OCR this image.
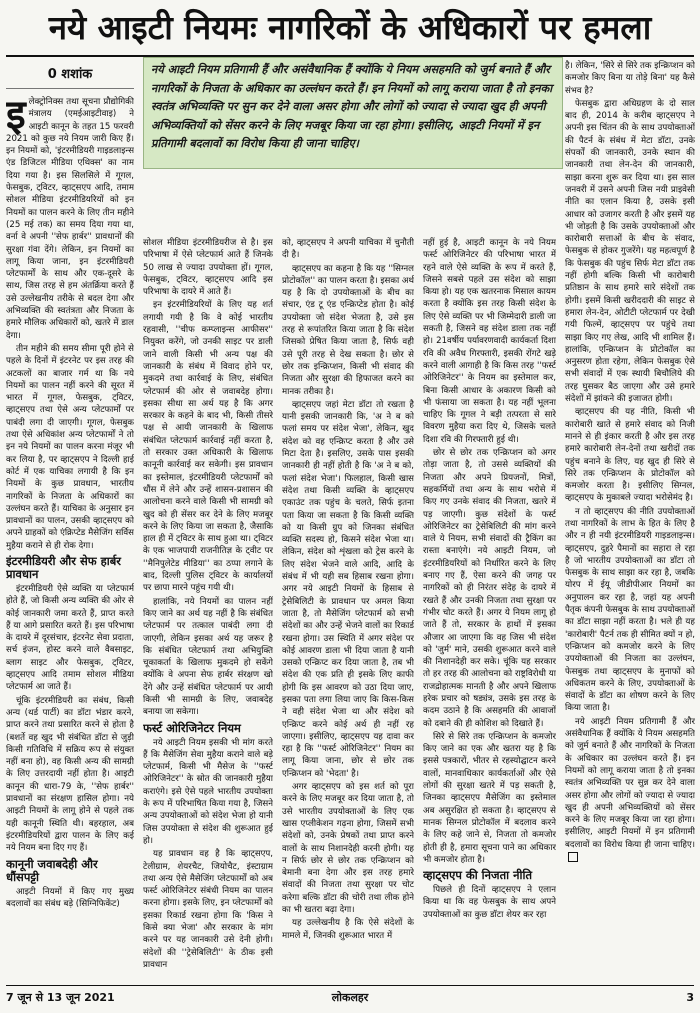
नये आइटी नियमः नागरिकों के अधिकारों पर हमला
0 शशांक	नये आइटी नियम प्रतिगामी हैं और असंवैधानिक हैं क्योंकि ये नियम असहमति को जुर्म बनाते हैं और नागरिकों के निजता के अधिकार का उल्लंघन करते हैं। इन नियमों को लागू कराया जाता है तो इनका स्वतंत्र अभिव्यक्ति पर सुन कर देने वाला असर होगा और लोगों को ज्यादा से ज्यादा खुद ही अपनी अभिव्यक्तियों को सेंसर करने के लिए मजबूर किया जा रहा होगा। इसीलिए, आइटी नियमों में इन प्रतिगामी बदलावों का विरोध किया ही जाना चाहिए।

इलेक्ट्रोनिक्स तथा सूचना प्रौद्योगिकी मंत्रालय (एमईआइटीवाइ) ने आइटी कानून के तहत 15 फरवरी 2021 को कुछ नये नियम जारी किए हैं। इन नियमों को, 'इंटरमीडियरी गाइडलाइन्स एंड डिजिटल मीडिया एथिक्स' का नाम दिया गया है। इस सिलसिले में गूगल, फेसबुक, ट्विटर, व्हाट्सएप आदि, तमाम सोशल मीडिया इंटरमीडियरियों को इन नियमों का पालन करने के लिए तीन महीने (25 मई तक) का समय दिया गया था, वर्ना वे अपनी ''सेफ हार्बर'' प्रावधानों की सुरक्षा गंवा देंगे। लेकिन, इन नियमों का लागू किया जाना, इन इंटरमीडियरी प्लेटफार्मों के साथ और एक-दूसरे के साथ, जिस तरह से हम अंतर्क्रिया करते हैं उसे उल्लेखनीय तरीके से बदल देगा और अभिव्यक्ति की स्वतंत्रता और निजता के हमारे मौलिक अधिकारों को, खतरे में डाल देगा।

तीन महीने की समय सीमा पूरी होने से पहले के दिनों में इंटरनेट पर इस तरह की अटकलों का बाजार गर्म था कि नये नियमों का पालन नहीं करने की सूरत में भारत में गूगल, फेसबुक, ट्विटर, व्हाट्सएप तथा ऐसे अन्य प्लेटफार्मों पर पाबंदी लगा दी जाएगी। गूगल, फेसबुक तथा ऐसे अधिकांश अन्य प्लेटफार्मों ने तो इन नये नियमों का पालन करना मंजूर भी कर लिया है, पर व्हाट्सएप ने दिल्ली हाई कोर्ट में एक याचिका लगायी है कि इन नियमों के कुछ प्रावधान, भारतीय नागरिकों के निजता के अधिकारों का उल्लंघन करते हैं। याचिका के अनुसार इन प्रावधानों का पालन, उसकी व्हाट्सएप को अपने ग्राहकों को एंक्रिप्टेड मैसेजिंग सर्विस मुहैया कराने से ही रोक देगा।

इंटरमीडियरी और सेफ हार्बर प्रावधान

इंटरमीडियरी ऐसे व्यक्ति या प्लेटफार्म होते हैं, जो किसी अन्य व्यक्ति की ओर से कोई जानकारी जमा करते हैं, प्राप्त करते हैं या आगे प्रसारित करते हैं। इस परिभाषा के दायरे में दूरसंचार, इंटरनेट सेवा प्रदाता, सर्च इंजन, होस्ट करने वाले वैबसाइट, ब्लाग साइट और फेसबुक, ट्विटर, व्हाट्सएप आदि तमाम सोशल मीडिया प्लेटफार्म आ जाते हैं।

चूंकि इंटरमीडियरी का संबंध, किसी अन्य (थर्ड पार्टी) का डॉटा भंडार करने, प्राप्त करने तथा प्रसारित करने से होता है (बशर्ते वह खुद भी संबंधित डॉटा से जुड़ी किसी गतिविधि में सक्रिय रूप से संयुक्त नहीं बना हो), वह किसी अन्य की सामग्री के लिए उत्तरदायी नहीं होता है। आइटी कानून की धारा-79 के, ''सेफ हार्बर'' प्रावधानों का संरक्षण हासिल होगा। नये आइटी नियमों के लागू होने से पहले तक यही कानूनी स्थिति थी। बहरहाल, अब इंटरमीडियरियों द्वारा पालन के लिए कई नये नियम बना दिए गए हैं।

कानूनी जवाबदेही और धौंसपट्टी

आइटी नियमों में किए गए मुख्य बदलावों का संबंध बड़े (सिग्निफिकेंट)

सोशल मीडिया इंटरमीडियरीज से है। इस परिभाषा में ऐसे प्लेटफार्म आते हैं जिनके 50 लाख से ज्यादा उपयोक्ता हों। गूगल, फेसबुक, ट्विटर, व्हाट्सएप आदि इस परिभाषा के दायरे में आते हैं।

इन इंटरमीडियरियों के लिए यह शर्त लगायी गयी है कि वे कोई भारतीय रहवासी, ''चीफ कम्प्लाइन्स आफीसर'' नियुक्त करेंगे, जो उनकी साइट पर डाली जाने वाली किसी भी अन्य पक्ष की जानकारी के संबंध में विवाद होने पर, मुकदमे तथा कार्रवाई के लिए, संबंधित प्लेटफार्म की ओर से जवाबदेह होगा। इसका सीधा सा अर्थ यह है कि अगर सरकार के कहने के बाद भी, किसी तीसरे पक्ष से आयी जानकारी के खिलाफ संबंधित प्लेटफार्म कार्रवाई नहीं करता है, तो सरकार उक्त अधिकारी के खिलाफ कानूनी कार्रवाई कर सकेगी। इस प्रावधान का इस्तेमाल, इंटरमीडियरी प्लेटफार्मों को धौंस में लेने और उन्हें शासन-प्रशासन की आलोचना करने वाले किसी भी सामग्री को खुद को ही सेंसर कर देने के लिए मजबूर करने के लिए किया जा सकता है, जैसाकि हाल ही में ट्विटर के साथ हुआ था। ट्विटर के एक भाजपायी राजनीतिज्ञ के ट्वीट पर ''मैनिपुलेटेड मीडिया'' का ठप्पा लगाने के बाद, दिल्ली पुलिस ट्विटर के कार्यालयों पर छापा मारने पहुंच गयी थी।

हालांकि, नये नियमों का पालन नहीं किए जाने का अर्थ यह नहीं है कि संबंधित प्लेटफार्म पर तत्काल पाबंदी लगा दी जाएगी, लेकिन इसका अर्थ यह जरूर है कि संबंधित प्लेटफार्म तथा अभियुक्ति चूकाकर्ता के खिलाफ मुकदमे हो सकेंगे क्योंकि वे अपना सेफ हार्बर संरक्षण खो देंगे और उन्हें संबंधित प्लेटफार्म पर आयी किसी भी सामग्री के लिए, जवाबदेह बनाया जा सकेगा।

फर्स्ट ओरिजिनेटर नियम

नये आइटी नियम इसकी भी मांग करते हैं कि मैसेजिंग सेवा मुहैया कराने वाले बड़े प्लेटफार्म, किसी भी मैसेज के ''फर्स्ट ओरिजिनेटर'' के स्रोत की जानकारी मुहैया कराएंगे। इसे ऐसे पहले भारतीय उपयोक्ता के रूप में परिभाषित किया गया है, जिसने अन्य उपयोक्ताओं को संदेश भेजा हो यानी जिस उपयोक्ता से संदेश की शुरूआत हुई हो।

यह प्रावधान वह है कि व्हाट्सएप, टेलीग्राम, शेयरचैट, जियोचैट, इंस्टाग्राम तथा अन्य ऐसे मैसेजिंग प्लेटफार्मों को अब फर्स्ट ओरिजिनेटर संबंधी नियम का पालन करना होगा। इसके लिए, इन प्लेटफार्मों को इसका रिकार्ड रखना होगा कि 'किस ने किसे क्या भेजा' और सरकार के मांग करने पर यह जानकारी उसे देनी होगी। संदेशों की ''ट्रेसेबिलिटी'' के ठीक इसी प्रावधान

को, व्हाट्सएप ने अपनी याचिका में चुनौती दी है।

व्हाट्सएप का कहना है कि यह ''सिग्नल प्रोटोकॉल'' का पालन करता है। इसका अर्थ यह है कि दो उपयोक्ताओं के बीच का संचार, एंड टू एंड एन्क्रिप्टेड होता है। कोई उपयोक्ता जो संदेश भेजता है, उसे इस तरह से रूपांतरित किया जाता है कि संदेश जिसको प्रेषित किया जाता है, सिर्फ वही उसे पूरी तरह से देख सकता है। छोर से छोर तक इन्क्रिप्शन, किसी भी संवाद की निजता और सुरक्षा की हिफाजत करने का मानक तरीका है।

व्हाट्सएप जहां मेटा डॉटा तो रखता है यानी इसकी जानकारी कि, 'अ ने ब को फलां समय पर संदेश भेजा', लेकिन, खुद संदेश को वह एन्क्रिप्ट करता है और उसे मिटा देता है। इसलिए, उसके पास इसकी जानकारी ही नहीं होती है कि 'अ ने ब को, फलां संदेश भेजा'। फिलहाल, किसी खास संदेश तथा किसी व्यक्ति के व्हाट्सएप एकाउंट तक पहुंच के चलते, सिर्फ इतना पता किया जा सकता है कि किसी व्यक्ति को या किसी ग्रुप को जिनका संबंधित व्यक्ति सदस्य हो, किसने संदेश भेजा था। लेकिन, संदेश को शृंखला को ट्रेस करने के लिए संदेश भेजने वाले आदि, आदि के संबंध में भी यही सब हिसाब रखना होगा। अगर नये आइटी नियमों के हिसाब से ट्रेसेबिलिटी के प्रावधान पर अमल किया जाता है, तो मैसेजिंग प्लेटफार्म को सभी संदेशों का और उन्हें भेजने वालों का रिकार्ड रखना होगा। उस स्थिति में अगर संदेश पर कोई आवरण डाला भी दिया जाता है यानी उसको एन्क्रिप्ट कर दिया जाता है, तब भी संदेश की एक प्रति ही इसके लिए काफी होगी कि इस आवरण को उठा दिया जाए, इसका पता लगा लिया जाए कि किस-किस ने वही संदेश भेजा था और संदेश को एन्क्रिप्ट करने कोई अर्थ ही नहीं रह जाएगा। इसीलिए, व्हाट्सएप यह दावा कर रहा है कि ''फर्स्ट ओरिजिनेटर'' नियम का लागू किया जाना, छोर से छोर तक एन्क्रिप्शन को 'भेदता' है।

अगर व्हाट्सएप को इस शर्त को पूरा करने के लिए मजबूर कर दिया जाता है, तो उसे भारतीय उपयोक्ताओं के लिए एक खास एप्लीकेशन गढ़ना होगा, जिसमें सभी संदेशों को, उनके प्रेषकों तथा प्राप्त करने वालों के साथ निशानदेही करनी होगी। यह न सिर्फ छोर से छोर तक एन्क्रिप्शन को बेमानी बना देगा और इस तरह हमारे संवादों की निजता तथा सुरक्षा पर चोट करेगा बल्कि डॉटा की चोरी तथा लीक होने का भी खतरा बढ़ा देगा।

यह उल्लेखनीय है कि ऐसे संदेशों के मामले में, जिनकी शुरूआत भारत में

नहीं हुई है, आइटी कानून के नये नियम फर्स्ट ओरिजिनेटर की परिभाषा भारत में रहने वाले ऐसे व्यक्ति के रूप में करते हैं, जिसने सबसे पहले उस संदेश को साझा किया हो। यह एक खतरनाक मिसाल कायम करता है क्योंकि इस तरह किसी संदेश के लिए ऐसे व्यक्ति पर भी जिम्मेदारी डाली जा सकती है, जिसने वह संदेश डाला तक नहीं हो। 21वर्षीय पर्यावरणवादी कार्यकर्ता दिशा रवि की अवैध गिरफ्तारी, इसकी रोंगटे खड़े करने वाली आगाही है कि किस तरह ''फर्स्ट ओरिजिनेटर'' के नियम का इस्तेमाल कर, बिना किसी आधार के अकारण किसी को भी फंसाया जा सकता है। यह नहीं भूलना चाहिए कि गूगल ने बड़ी तत्परता से सारे विवरण मुहैया करा दिए थे, जिसके चलते दिशा रवि की गिरफ्तारी हुई थी।

छोर से छोर तक एन्क्रिप्शन को अगर तोड़ा जाता है, तो उससे व्यक्तियों की निजता और अपने प्रियजनों, मित्रों, सहकर्मियों तथा अन्य के साथ भरोसे में किए गए उनके संवाद की निजता, खतरे में पड़ जाएगी। कुछ संदेशों के फर्स्ट ओरिजिनेटर का ट्रेसेबिलिटी की मांग करने वाले ये नियम, सभी संवादों की ट्रैकिंग का रास्ता बनाएंगे। नये आइटी नियम, जो इंटरमीडियरियों को निर्धारित करने के लिए बनाए गए हैं, ऐसा करने की जगह पर नागरिकों को ही निरंतर संदेह के दायरे में रखते हैं और उनकी निजता तथा सुरक्षा पर गंभीर चोट करते हैं। अगर ये नियम लागू हो जाते हैं तो, सरकार के हाथों में इसका औजार आ जाएगा कि वह जिस भी संदेश को 'जुर्म' माने, उसकी शुरूआत करने वाले की निशानदेही कर सके। चूंकि यह सरकार तो हर तरह की आलोचना को राष्ट्रविरोधी या राजद्रोहात्मक मानती है और अपने खिलाफ हरेक प्रचार को षड्यंत्र, उसके इस तरह के कदम उठाने है कि असहमति की आवाजों को दबाने की ही कोशिश को दिखाते हैं।

सिरे से सिरे तक एन्क्रिप्शन के कमजोर किए जाने का एक और खतरा यह है कि इससे पत्रकारों, भीतर से रहस्योद्घाटन करने वालों, मानवाधिकार कार्यकर्ताओं और ऐसे लोगों की सुरक्षा खतरे में पड़ सकती है, जिनका व्हाट्सएप मैसेजिंग का इस्तेमाल अब असुरक्षित हो सकता है। व्हाट्सएप से मानक सिग्नल प्रोटोकॉल में बदलाव करने के लिए कहे जाने से, निजता तो कमजोर होती ही है, हमारा सूचना पाने का अधिकार भी कमजोर होता है।

व्हाट्सएप की निजता नीति

पिछले ही दिनों व्हाट्सएप ने एलान किया था कि वह फेसबुक के साथ अपने उपयोक्ताओं का कुछ डॉटा शेयर कर रहा

है। लेकिन, 'सिरे से सिरे तक इन्क्रिप्शन को कमजोर किए बिना या तोड़े बिना' यह कैसे संभव है?

फेसबुक द्वारा अधिग्रहण के दो साल बाद ही, 2014 के करीब व्हाट्सएप ने अपनी इस चिंतन की के साथ उपयोक्ताओं की पैटर्न के संबंध में मेटा डॉटा, उनके संपर्कों की जानकारी, उनके स्थान की जानकारी तथा लेन-देन की जानकारी, साझा करना शुरू कर दिया था। इस साल जनवरी में उसने अपनी जिस नयी प्राइवेसी नीति का एलान किया है, उसके इसी आधार को उजागर करती है और इसमें यह भी जोड़ती है कि उसके उपयोक्ताओं और कारोबारी सत्ताओं के बीच के संवाद, फेसबुक से होकर गुजरेंगे। यह महत्वपूर्ण है कि फेसबुक की पहुंच सिर्फ मेटा डॉटा तक नहीं होगी बल्कि किसी भी कारोबारी प्रतिष्ठान के साथ हमारे सारे संदेशों तक होगी। इसमें किसी खरीददारी की साइट से हमारा लेन-देन, ओटीटी प्लेटफार्म पर देखी गयी फिल्में, व्हाट्सएप पर पहुंचे तथा साझा किए गए लेख, आदि भी शामिल हैं। हालांकि, एन्क्रिप्शन के प्रोटोकॉल का अनुसरण होता रहेगा, लेकिन फेसबुक ऐसे सभी संवादों में एक स्थायी बिचौलिये की तरह घुसकर बैठ जाएगा और उसे हमारे संदेशों में झांकने की इजाजत होगी।

व्हाट्सएप की यह नीति, किसी भी कारोबारी खाते से हमारे संवाद को निजी मानने से ही इंकार करती है और इस तरह हमारे कारोबारी लेन-देनों तथा खरीदों तक पहुंच बनाने के लिए, यह खुद ही सिरे से सिरे तक एन्क्रिप्शन के प्रोटोकॉल को कमजोर करता है। इसीलिए सिग्नल, व्हाट्सएप के मुकाबले ज्यादा भरोसेमंद है।

न तो व्हाट्सएप की नीति उपयोक्ताओं तथा नागरिकों के लाभ के हित के लिए है और न ही नयी इंटरमीडियरी गाइडलाइन्स। व्हाट्सएप, दुहरे पैमानों का सहारा ले रहा है जो भारतीय उपयोक्ताओं का डॉटा तो फेसबुक के साथ साझा कर रहा है, जबकि योरप में ईयू जीडीपीआर नियमों का अनुपालन कर रहा है, जहां यह अपनी पैतृक कंपनी फेसबुक के साथ उपयोक्ताओं का डॉटा साझा नहीं करता है। भले ही यह 'कारोबारी' पैटर्न तक ही सीमित क्यों न हो, एन्क्रिप्शन को कमजोर करने के लिए उपयोक्ताओं की निजता का उल्लंघन, फेसबुक तथा व्हाट्सएप के मुनाफों को अधिकतम करने के लिए, उपयोक्ताओं के संवादों के डॉटा का शोषण करने के लिए किया जाता है।

नये आइटी नियम प्रतिगामी हैं और असंवैधानिक हैं क्योंकि ये नियम असहमति को जुर्म बनाते हैं और नागरिकों के निजता के अधिकार का उल्लंघन करते हैं। इन नियमों को लागू कराया जाता है तो इनका स्वतंत्र अभिव्यक्ति पर सुन्न कर देने वाला असर होगा और लोगों को ज्यादा से ज्यादा खुद ही अपनी अभिव्यक्तियों को सेंसर करने के लिए मजबूर किया जा रहा होगा। इसीलिए, आइटी नियमों में इन प्रतिगामी बदलावों का विरोध किया ही जाना चाहिए।

7 जून से 13 जून 2021	लोकलहर	3
